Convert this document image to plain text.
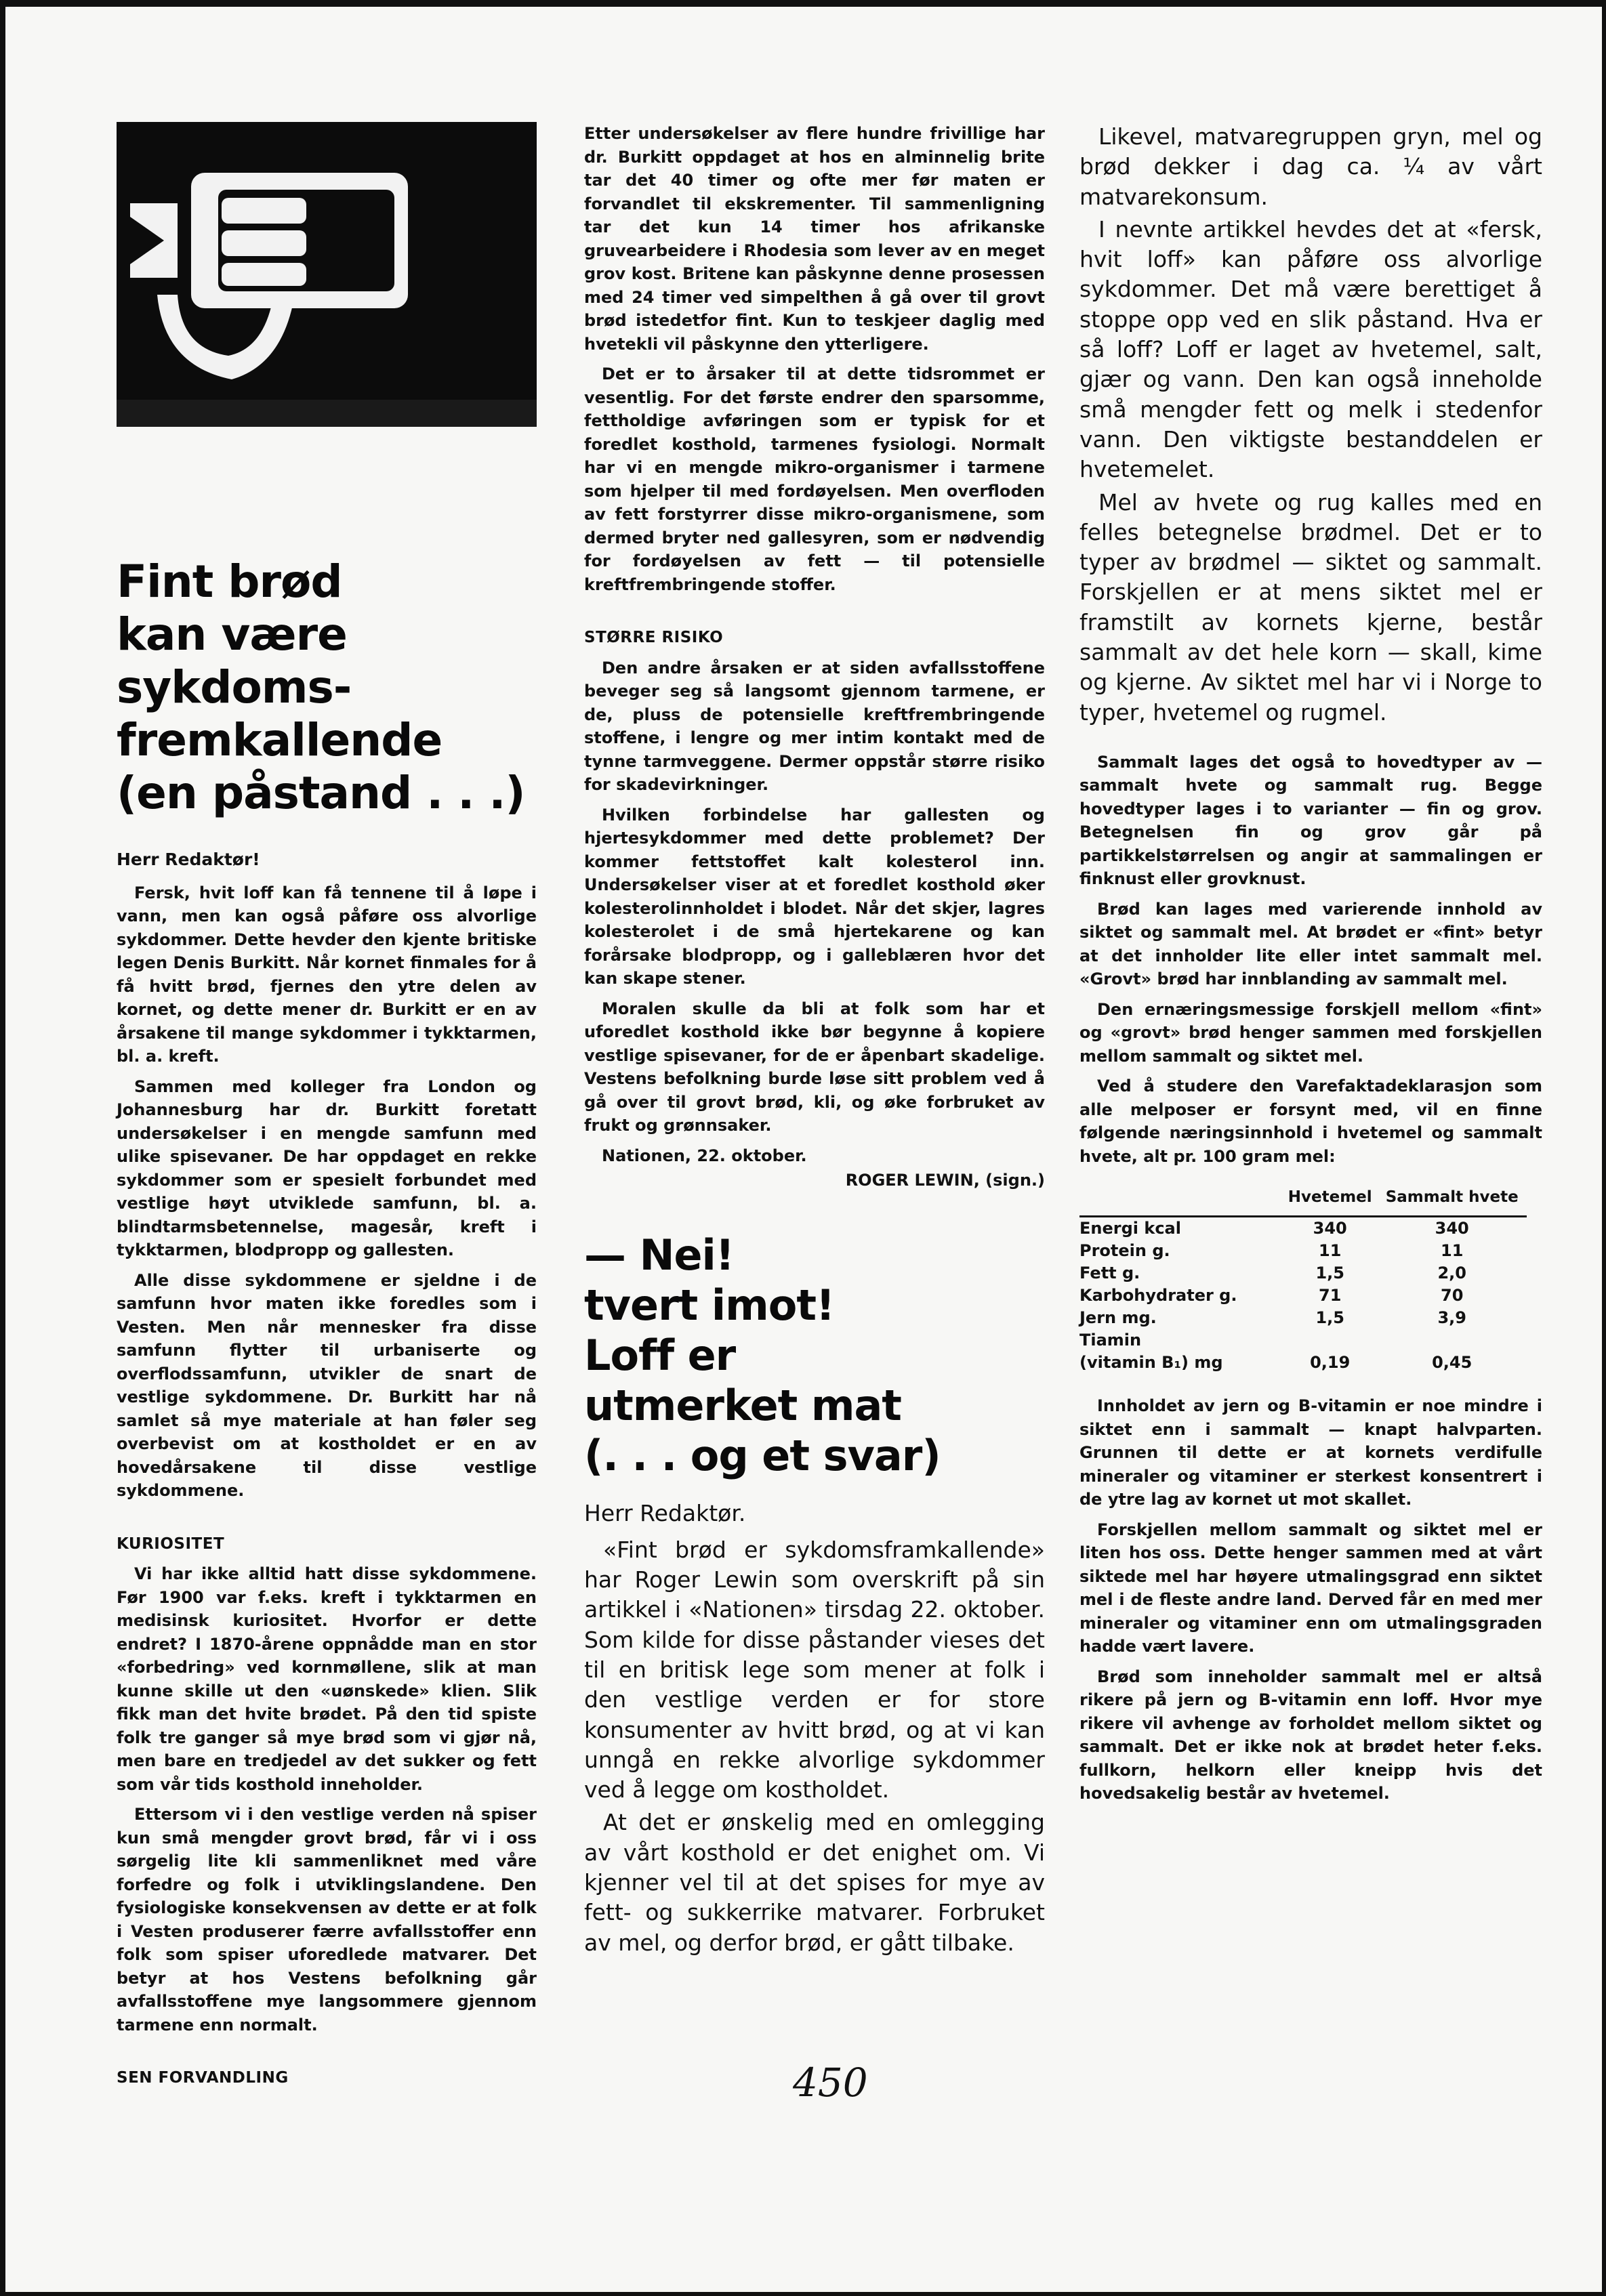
Fint brød
kan være
sykdoms-
fremkallende
(en påstand . . .)
Herr Redaktør!

Fersk, hvit loff kan få tennene til å løpe i vann, men kan også påføre oss alvorlige sykdommer. Dette hevder den kjente britiske legen Denis Burkitt. Når kornet finmales for å få hvitt brød, fjernes den ytre delen av kornet, og dette mener dr. Burkitt er en av årsakene til mange sykdommer i tykktarmen, bl. a. kreft.

Sammen med kolleger fra London og Johannesburg har dr. Burkitt foretatt undersøkelser i en mengde samfunn med ulike spisevaner. De har oppdaget en rekke sykdommer som er spesielt forbundet med vestlige høyt utviklede samfunn, bl. a. blindtarmsbetennelse, magesår, kreft i tykktarmen, blodpropp og gallesten.

Alle disse sykdommene er sjeldne i de samfunn hvor maten ikke foredles som i Vesten. Men når mennesker fra disse samfunn flytter til urbaniserte og overflodssamfunn, utvikler de snart de vestlige sykdommene. Dr. Burkitt har nå samlet så mye materiale at han føler seg overbevist om at kostholdet er en av hovedårsakene til disse vestlige sykdommene.

KURIOSITET

Vi har ikke alltid hatt disse sykdommene. Før 1900 var f.eks. kreft i tykktarmen en medisinsk kuriositet. Hvorfor er dette endret? I 1870-årene oppnådde man en stor «forbedring» ved kornmøllene, slik at man kunne skille ut den «uønskede» klien. Slik fikk man det hvite brødet. På den tid spiste folk tre ganger så mye brød som vi gjør nå, men bare en tredjedel av det sukker og fett som vår tids kosthold inneholder.

Ettersom vi i den vestlige verden nå spiser kun små mengder grovt brød, får vi i oss sørgelig lite kli sammenliknet med våre forfedre og folk i utviklingslandene. Den fysiologiske konsekvensen av dette er at folk i Vesten produserer færre avfallsstoffer enn folk som spiser uforedlede matvarer. Det betyr at hos Vestens befolkning går avfallsstoffene mye langsommere gjennom tarmene enn normalt.

SEN FORVANDLING

Etter undersøkelser av flere hundre frivillige har dr. Burkitt oppdaget at hos en alminnelig brite tar det 40 timer og ofte mer før maten er forvandlet til ekskrementer. Til sammenligning tar det kun 14 timer hos afrikanske gruvearbeidere i Rhodesia som lever av en meget grov kost. Britene kan påskynne denne prosessen med 24 timer ved simpelthen å gå over til grovt brød istedetfor fint. Kun to teskjeer daglig med hvetekli vil påskynne den ytterligere.

Det er to årsaker til at dette tidsrommet er vesentlig. For det første endrer den sparsomme, fettholdige avføringen som er typisk for et foredlet kosthold, tarmenes fysiologi. Normalt har vi en mengde mikro-organismer i tarmene som hjelper til med fordøyelsen. Men overfloden av fett forstyrrer disse mikro-organismene, som dermed bryter ned gallesyren, som er nødvendig for fordøyelsen av fett — til potensielle kreftfrembringende stoffer.

STØRRE RISIKO

Den andre årsaken er at siden avfallsstoffene beveger seg så langsomt gjennom tarmene, er de, pluss de potensielle kreftfrembringende stoffene, i lengre og mer intim kontakt med de tynne tarmveggene. Dermer oppstår større risiko for skadevirkninger.

Hvilken forbindelse har gallesten og hjertesykdommer med dette problemet? Der kommer fettstoffet kalt kolesterol inn. Undersøkelser viser at et foredlet kosthold øker kolesterolinnholdet i blodet. Når det skjer, lagres kolesterolet i de små hjertekarene og kan forårsake blodpropp, og i galleblæren hvor det kan skape stener.

Moralen skulle da bli at folk som har et uforedlet kosthold ikke bør begynne å kopiere vestlige spisevaner, for de er åpenbart skadelige. Vestens befolkning burde løse sitt problem ved å gå over til grovt brød, kli, og øke forbruket av frukt og grønnsaker.

Nationen, 22. oktober.

ROGER LEWIN, (sign.)
— Nei!
tvert imot!
Loff er
utmerket mat
(. . . og et svar)
Herr Redaktør.

«Fint brød er sykdomsframkallende» har Roger Lewin som overskrift på sin artikkel i «Nationen» tirsdag 22. oktober. Som kilde for disse påstander vieses det til en britisk lege som mener at folk i den vestlige verden er for store konsumenter av hvitt brød, og at vi kan unngå en rekke alvorlige sykdommer ved å legge om kostholdet.

At det er ønskelig med en omlegging av vårt kosthold er det enighet om. Vi kjenner vel til at det spises for mye av fett- og sukkerrike matvarer. Forbruket av mel, og derfor brød, er gått tilbake.

Likevel, matvaregruppen gryn, mel og brød dekker i dag ca. ¼ av vårt matvarekonsum.

I nevnte artikkel hevdes det at «fersk, hvit loff» kan påføre oss alvorlige sykdommer. Det må være berettiget å stoppe opp ved en slik påstand. Hva er så loff? Loff er laget av hvetemel, salt, gjær og vann. Den kan også inneholde små mengder fett og melk i stedenfor vann. Den viktigste bestanddelen er hvetemelet.

Mel av hvete og rug kalles med en felles betegnelse brødmel. Det er to typer av brødmel — siktet og sammalt. Forskjellen er at mens siktet mel er framstilt av kornets kjerne, består sammalt av det hele korn — skall, kime og kjerne. Av siktet mel har vi i Norge to typer, hvetemel og rugmel.

Sammalt lages det også to hovedtyper av — sammalt hvete og sammalt rug. Begge hovedtyper lages i to varianter — fin og grov. Betegnelsen fin og grov går på partikkelstørrelsen og angir at sammalingen er finknust eller grovknust.

Brød kan lages med varierende innhold av siktet og sammalt mel. At brødet er «fint» betyr at det innholder lite eller intet sammalt mel. «Grovt» brød har innblanding av sammalt mel.

Den ernæringsmessige forskjell mellom «fint» og «grovt» brød henger sammen med forskjellen mellom sammalt og siktet mel.

Ved å studere den Varefaktadeklarasjon som alle melposer er forsynt med, vil en finne følgende næringsinnhold i hvetemel og sammalt hvete, alt pr. 100 gram mel:

	Hvetemel	Sammalt hvete
Energi kcal	340	340
Protein g.	11	11
Fett g.	1,5	2,0
Karbohydrater g.	71	70
Jern mg.	1,5	3,9
Tiamin		
(vitamin B₁) mg	0,19	0,45

Innholdet av jern og B-vitamin er noe mindre i siktet enn i sammalt — knapt halvparten. Grunnen til dette er at kornets verdifulle mineraler og vitaminer er sterkest konsentrert i de ytre lag av kornet ut mot skallet.

Forskjellen mellom sammalt og siktet mel er liten hos oss. Dette henger sammen med at vårt siktede mel har høyere utmalingsgrad enn siktet mel i de fleste andre land. Derved får en med mer mineraler og vitaminer enn om utmalingsgraden hadde vært lavere.

Brød som inneholder sammalt mel er altså rikere på jern og B-vitamin enn loff. Hvor mye rikere vil avhenge av forholdet mellom siktet og sammalt. Det er ikke nok at brødet heter f.eks. fullkorn, helkorn eller kneipp hvis det hovedsakelig består av hvetemel.

450
